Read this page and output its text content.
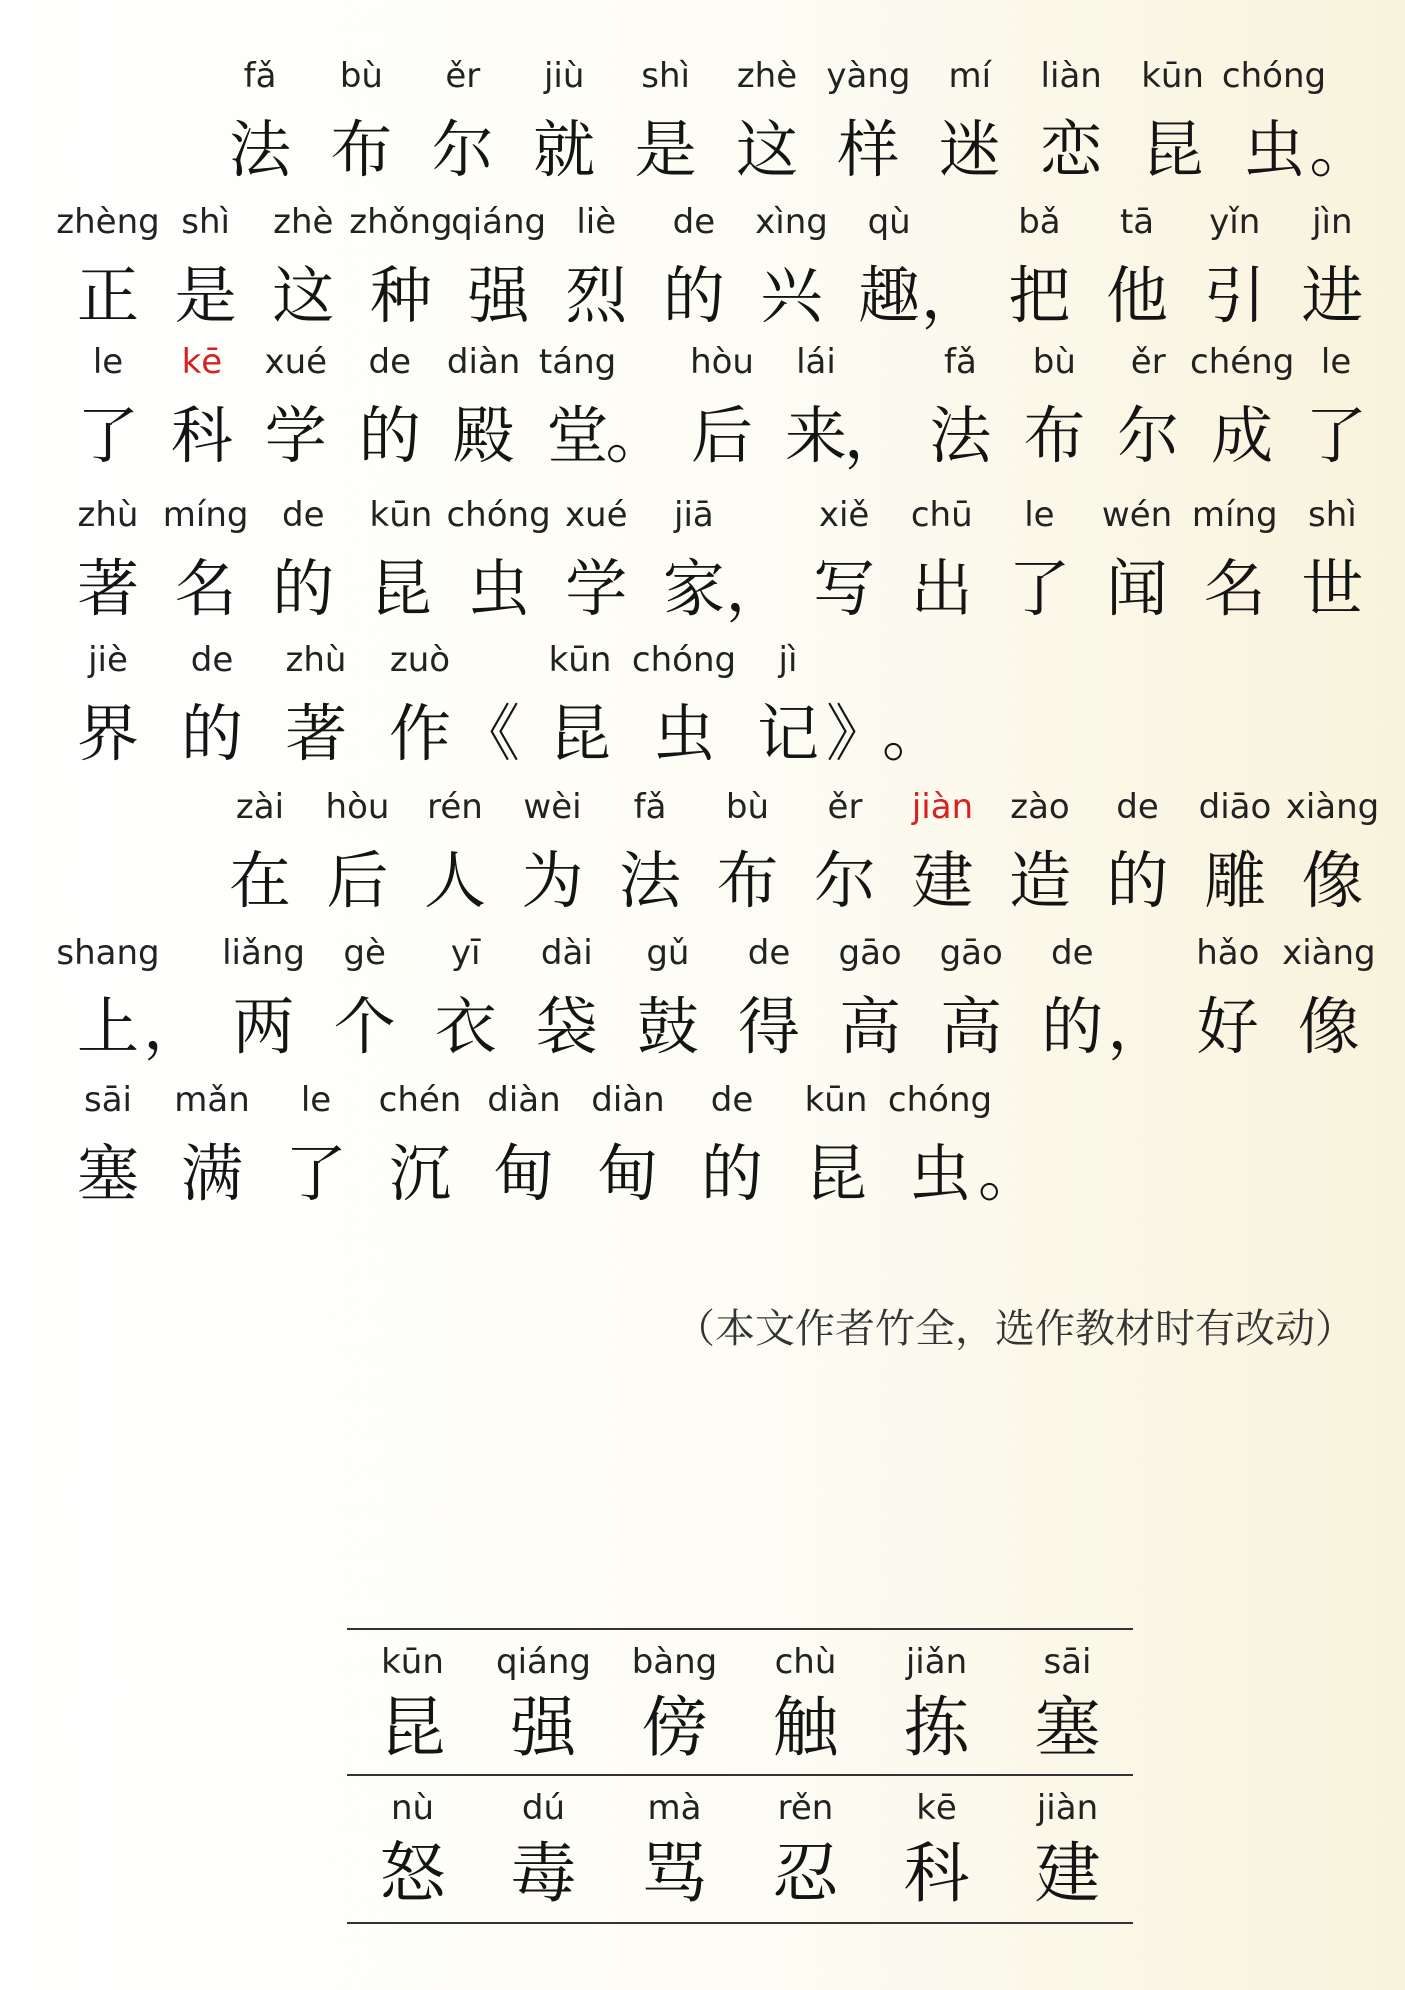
fǎ
法
bù
布
ěr
尔
jiù
就
shì
是
zhè
这
yàng
样
mí
迷
liàn
恋
kūn
昆
chóng
虫 。
zhèng
正
shì
是
zhè
这
zhǒng
种
qiáng
强
liè
烈
de
的
xìng
兴
qù
趣 ，
bǎ
把
tā
他
yǐn
引
jìn
进
le
了
kē
科
xué
学
de
的
diàn
殿
táng
堂
。
hòu
后
lái
来
，
fǎ
法
bù
布
ěr
尔
chéng
成
le
了
zhù
著
míng
名
de
的
kūn
昆
chóng
虫
xué
学
jiā
家 ，
xiě
写
chū
出
le
了
wén
闻
míng
名
shì
世
jiè
界
de
的
zhù
著
zuò
作 《
kūn
昆
chóng
虫
jì
记 》
。
zài
在
hòu
后
rén
人
wèi
为
fǎ
法
bù
布
ěr
尔
jiàn
建
zào
造
de
的
diāo
雕
xiàng
像
shang
上 ，
liǎng
两
gè
个
yī
衣
dài
袋
gǔ
鼓
de
得
gāo
高
gāo
高
de
的 ，
hǎo
好
xiàng
像
sāi
塞
mǎn
满
le
了
chén
沉
diàn
甸
diàn
甸
de
的
kūn
昆
chóng
虫 。
（本文作者竹全，选作教材时有改动）
kūn
昆
qiáng
强
bàng
傍
chù
触
jiǎn
拣
sāi
塞
nù
怒
dú
毒
mà
骂
rěn
忍
kē
科
jiàn
建
